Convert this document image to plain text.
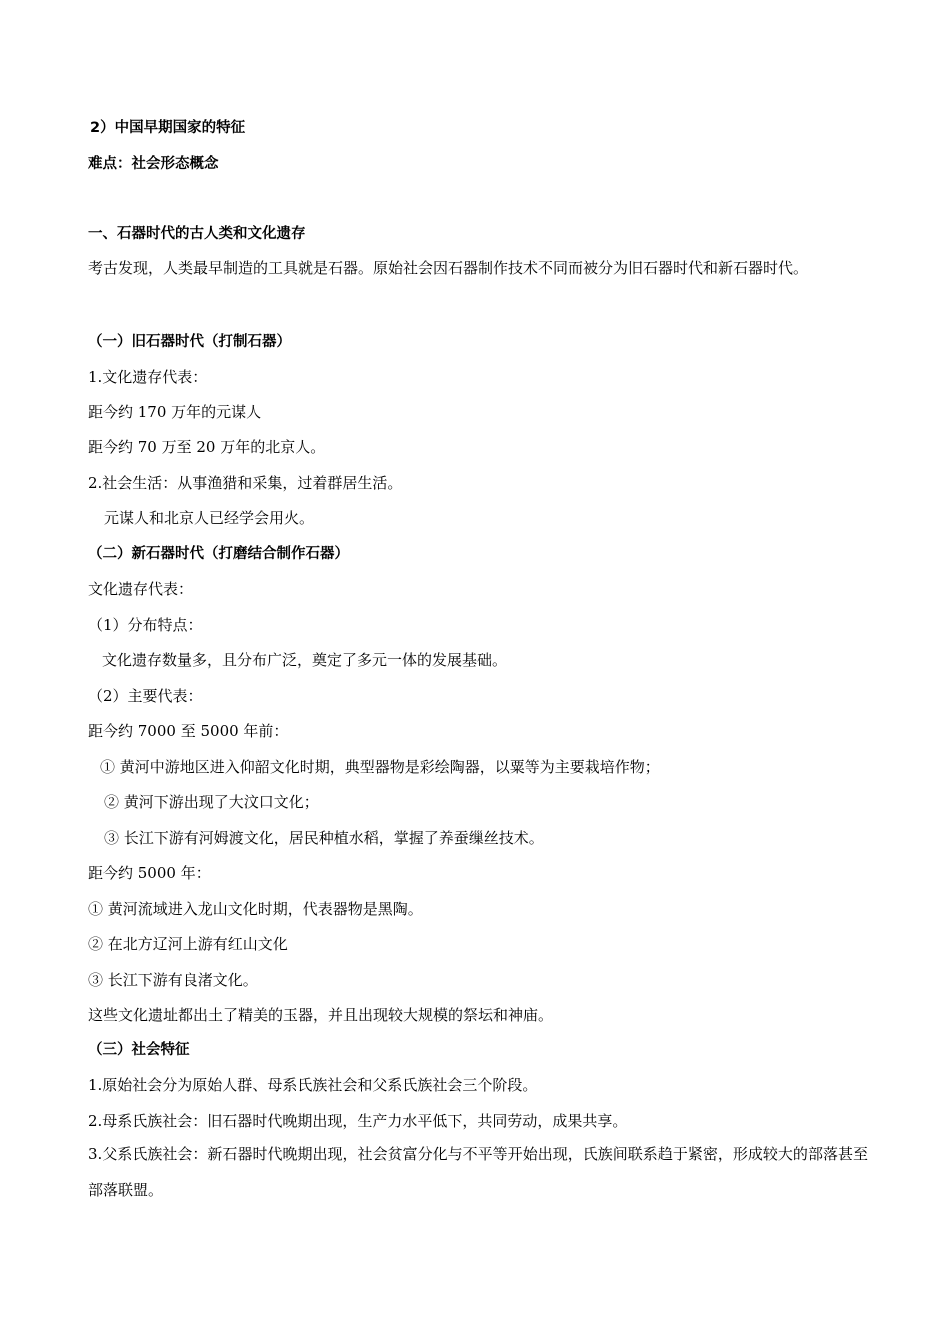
2）中国早期国家的特征
难点：社会形态概念
一、石器时代的古人类和文化遗存
考古发现，人类最早制造的工具就是石器。原始社会因石器制作技术不同而被分为旧石器时代和新石器时代。
（一）旧石器时代（打制石器）
1.文化遗存代表：
距今约 170 万年的元谋人
距今约 70 万至 20 万年的北京人。
2.社会生活：从事渔猎和采集，过着群居生活。
元谋人和北京人已经学会用火。
（二）新石器时代（打磨结合制作石器）
文化遗存代表：
（1）分布特点：
文化遗存数量多，且分布广泛，奠定了多元一体的发展基础。
（2）主要代表：
距今约 7000 至 5000 年前：
① 黄河中游地区进入仰韶文化时期，典型器物是彩绘陶器，以粟等为主要栽培作物；
② 黄河下游出现了大汶口文化；
③ 长江下游有河姆渡文化，居民种植水稻，掌握了养蚕缫丝技术。
距今约 5000 年：
① 黄河流域进入龙山文化时期，代表器物是黑陶。
② 在北方辽河上游有红山文化
③ 长江下游有良渚文化。
这些文化遗址都出土了精美的玉器，并且出现较大规模的祭坛和神庙。
（三）社会特征
1.原始社会分为原始人群、母系氏族社会和父系氏族社会三个阶段。
2.母系氏族社会：旧石器时代晚期出现，生产力水平低下，共同劳动，成果共享。
3.父系氏族社会：新石器时代晚期出现，社会贫富分化与不平等开始出现，氏族间联系趋于紧密，形成较大的部落甚至部落联盟。
